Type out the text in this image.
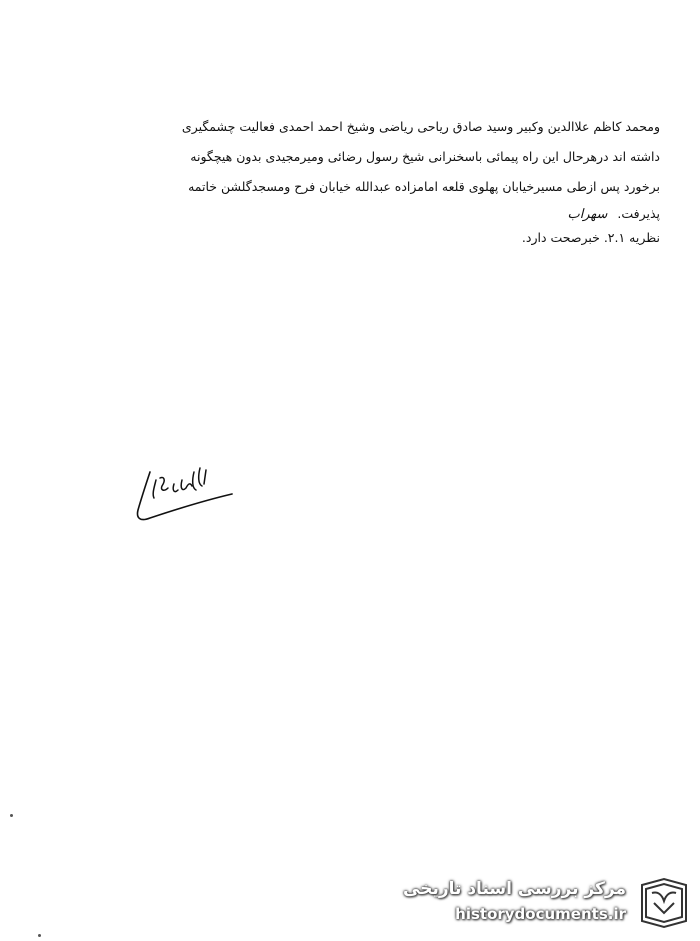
ومحمد کاظم علاالدین وکبیر وسید صادق ریاحی ریاضی وشیخ احمد احمدی فعالیت چشمگیری
داشته اند درهرحال این راه پیمائی باسخنرانی شیخ رسول رضائی ومیرمجیدی بدون هیچگونه
برخورد پس ازطی مسیرخیابان پهلوی قلعه امامزاده عبدالله خیابان فرح ومسجدگلشن خاتمه
پذیرفت. سهراب
نظریه ۲.۱. خبرصحت دارد.
مرکز بررسی اسناد تاریخی
historydocuments.ir
